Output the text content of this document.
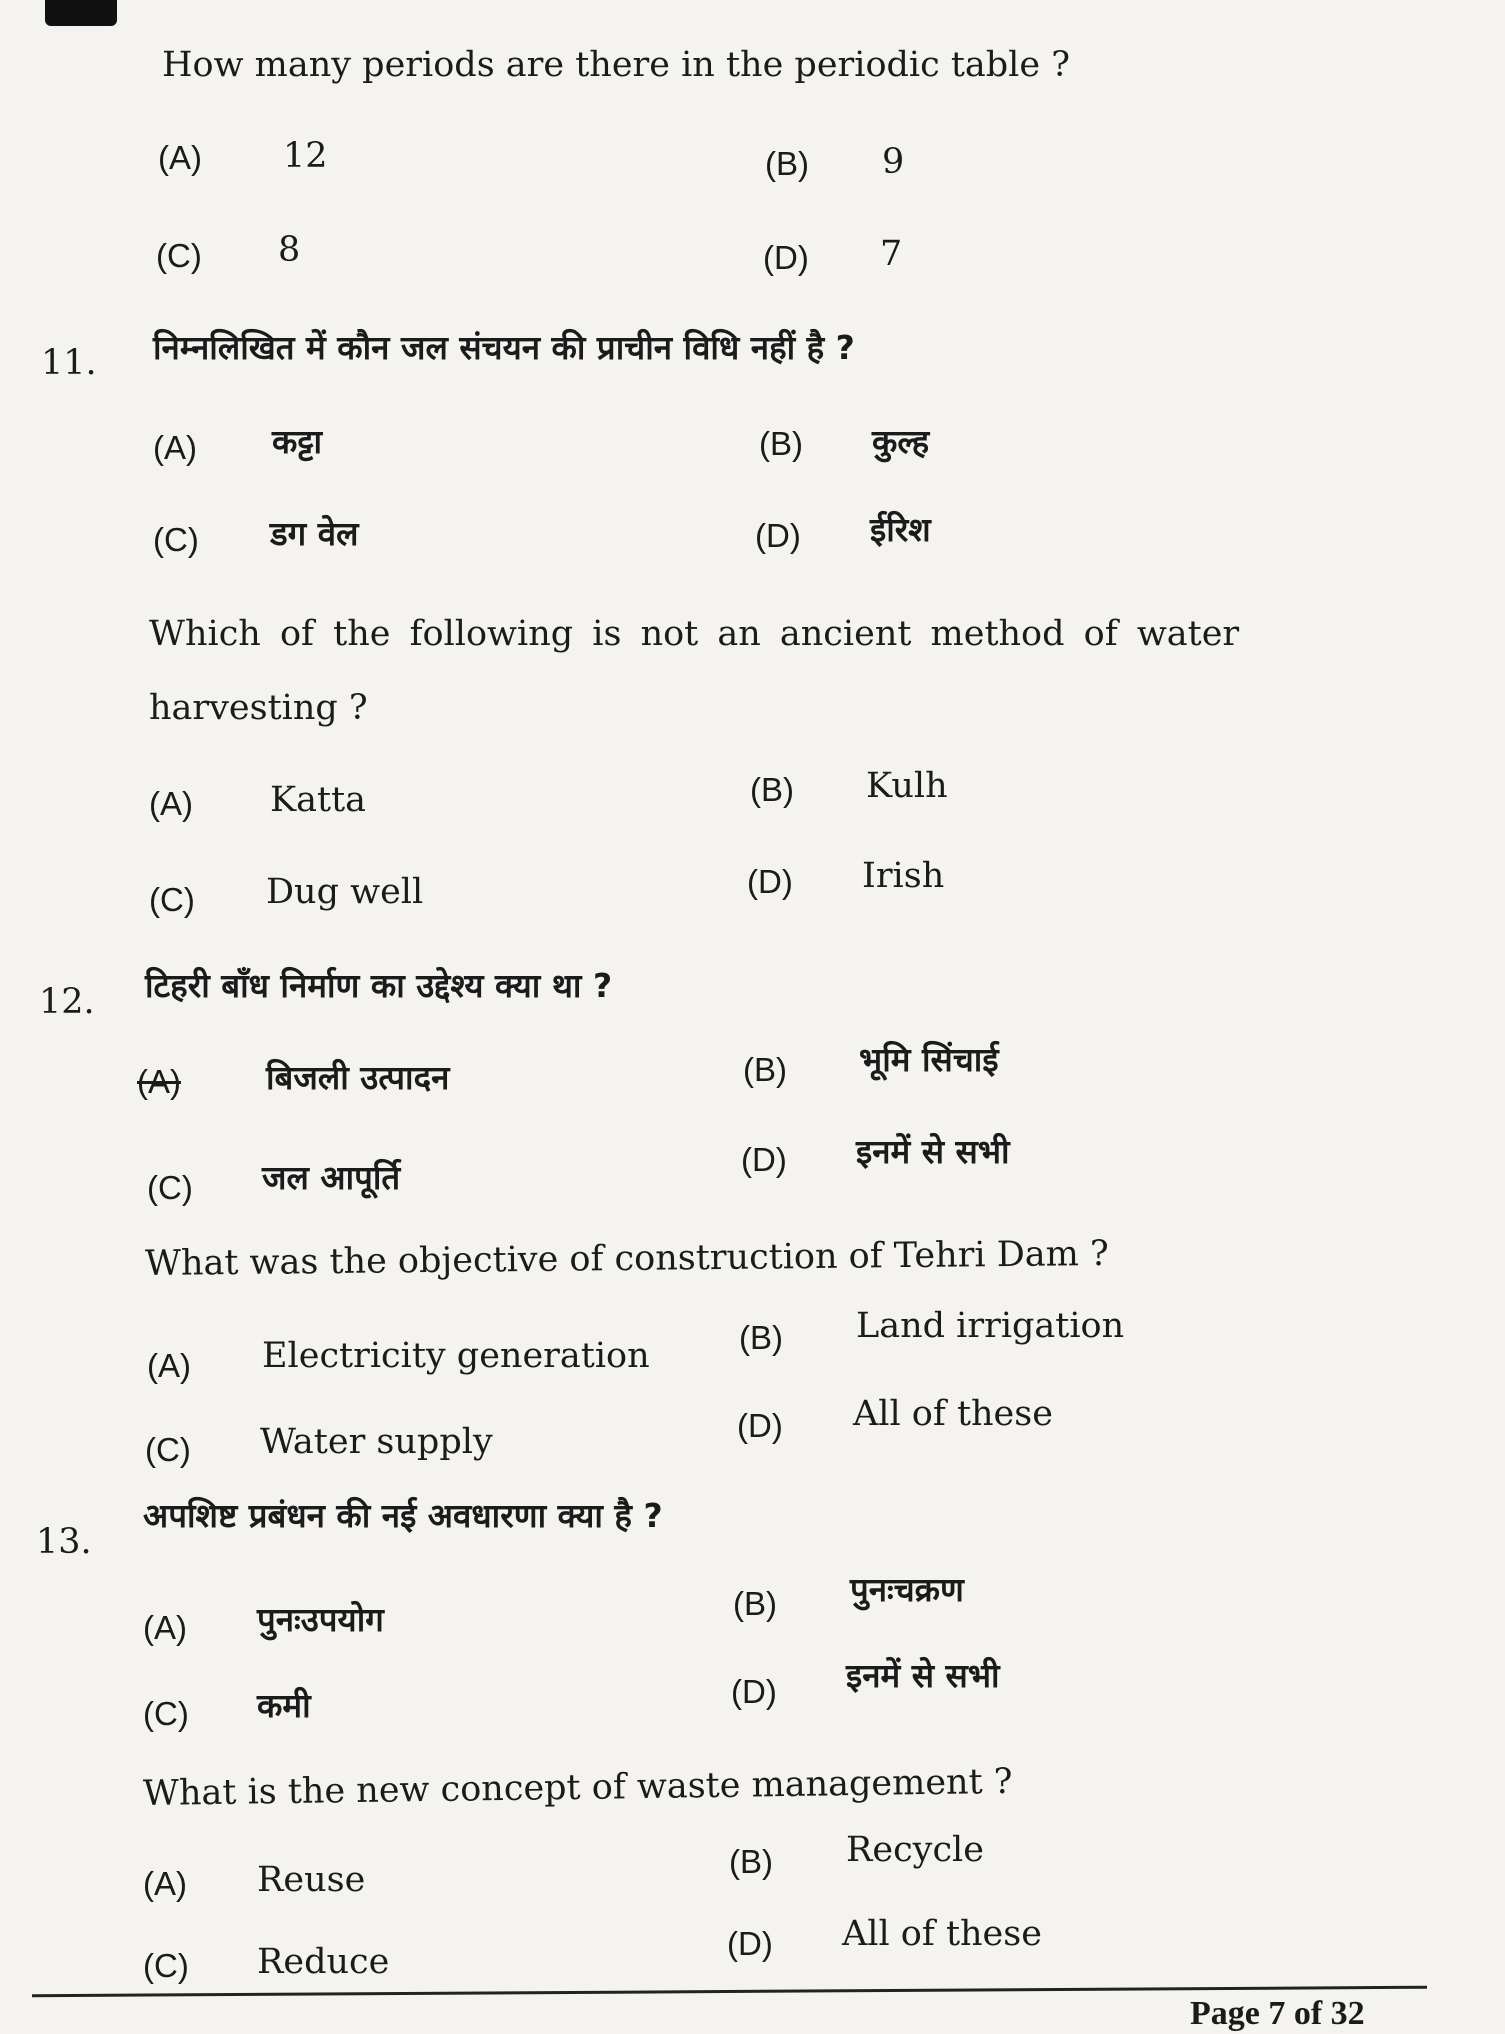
How many periods are there in the periodic table ?
(A) 12	(B) 9
(C) 8	(D) 7
11. निम्नलिखित में कौन जल संचयन की प्राचीन विधि नहीं है ?
(A) कट्टा	(B) कुल्ह
(C) डग वेल	(D) ईरिश
Which of the following is not an ancient method of water
harvesting ?
(A) Katta	(B) Kulh
(C) Dug well	(D) Irish
12. टिहरी बाँध निर्माण का उद्देश्य क्या था ?
(A)	बिजली उत्पादन	(B) भूमि सिंचाई
(C) जल आपूर्ति	(D) इनमें से सभी
What was the objective of construction of Tehri Dam ?
(A) Electricity generation	(B) Land irrigation
(C) Water supply	(D) All of these
13.
अपशिष्ट प्रबंधन की नई अवधारणा क्या है ?
(A) पुनःउपयोग	(B) पुनःचक्रण
(C) कमी	(D) इनमें से सभी
What is the new concept of waste management ?
(A) Reuse	(B) Recycle
(C) Reduce	(D) All of these
Page 7 of 32
